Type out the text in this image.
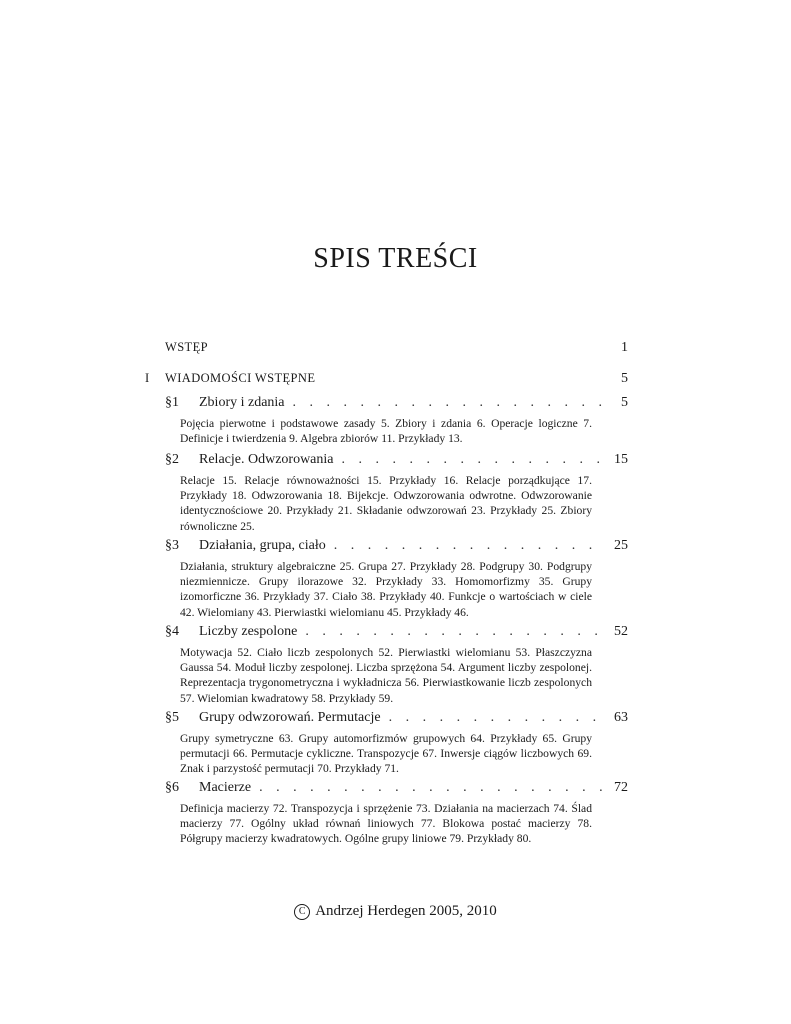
SPIS TREŚCI
WSTĘP	1
I	WIADOMOŚCI WSTĘPNE	5
§1	Zbiory i zdania . . .	5
Pojęcia pierwotne i podstawowe zasady 5. Zbiory i zdania 6. Operacje logiczne 7. Definicje i twierdzenia 9. Algebra zbiorów 11. Przykłady 13.
§2	Relacje. Odwzorowania . . .	15
Relacje 15. Relacje równoważności 15. Przykłady 16. Relacje porządkujące 17. Przykłady 18. Odwzorowania 18. Bijekcje. Odwzorowania odwrotne. Odwzorowanie identycznościowe 20. Przykłady 21. Składanie odwzorowań 23. Przykłady 25. Zbiory równoliczne 25.
§3	Działania, grupa, ciało . . .	25
Działania, struktury algebraiczne 25. Grupa 27. Przykłady 28. Podgrupy 30. Podgrupy niezmiennicze. Grupy ilorazowe 32. Przykłady 33. Homomorfizmy 35. Grupy izomorficzne 36. Przykłady 37. Ciało 38. Przykłady 40. Funkcje o wartościach w ciele 42. Wielomiany 43. Pierwiastki wielomianu 45. Przykłady 46.
§4	Liczby zespolone . . .	52
Motywacja 52. Ciało liczb zespolonych 52. Pierwiastki wielomianu 53. Płaszczyzna Gaussa 54. Moduł liczby zespolonej. Liczba sprzężona 54. Argument liczby zespolonej. Reprezentacja trygonometryczna i wykładnicza 56. Pierwiastkowanie liczb zespolonych 57. Wielomian kwadratowy 58. Przykłady 59.
§5	Grupy odwzorowań. Permutacje . . .	63
Grupy symetryczne 63. Grupy automorfizmów grupowych 64. Przykłady 65. Grupy permutacji 66. Permutacje cykliczne. Transpozycje 67. Inwersje ciągów liczbowych 69. Znak i parzystość permutacji 70. Przykłady 71.
§6	Macierze . . .	72
Definicja macierzy 72. Transpozycja i sprzężenie 73. Działania na macierzach 74. Ślad macierzy 77. Ogólny układ równań liniowych 77. Blokowa postać macierzy 78. Półgrupy macierzy kwadratowych. Ogólne grupy liniowe 79. Przykłady 80.
C Andrzej Herdegen 2005, 2010
